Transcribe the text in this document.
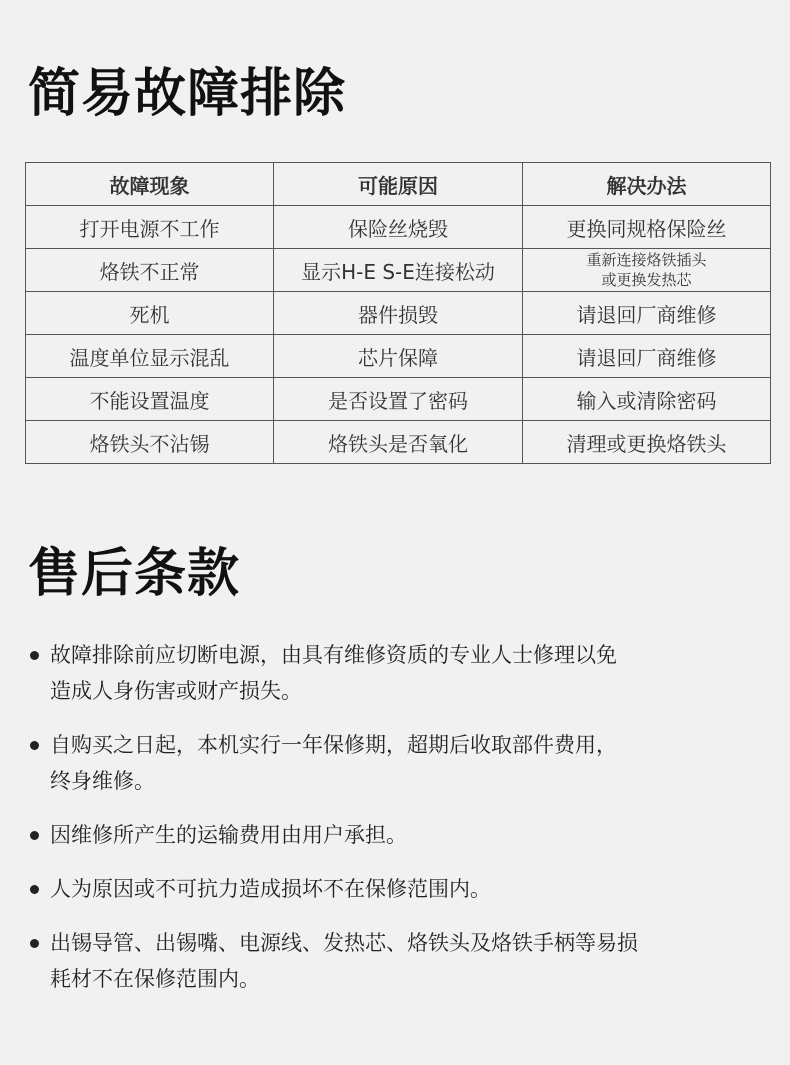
简易故障排除
故障现象	可能原因	解决办法
打开电源不工作	保险丝烧毁	更换同规格保险丝
烙铁不正常	显示H-E S-E连接松动	重新连接烙铁插头
或更换发热芯

死机	器件损毁	请退回厂商维修
温度单位显示混乱	芯片保障	请退回厂商维修
不能设置温度	是否设置了密码	输入或清除密码
烙铁头不沾锡	烙铁头是否氧化	清理或更换烙铁头
售后条款
故障排除前应切断电源，由具有维修资质的专业人士修理以免
造成人身伤害或财产损失。
自购买之日起，本机实行一年保修期，超期后收取部件费用，
终身维修。
因维修所产生的运输费用由用户承担。
人为原因或不可抗力造成损坏不在保修范围内。
出锡导管、出锡嘴、电源线、发热芯、烙铁头及烙铁手柄等易损
耗材不在保修范围内。
